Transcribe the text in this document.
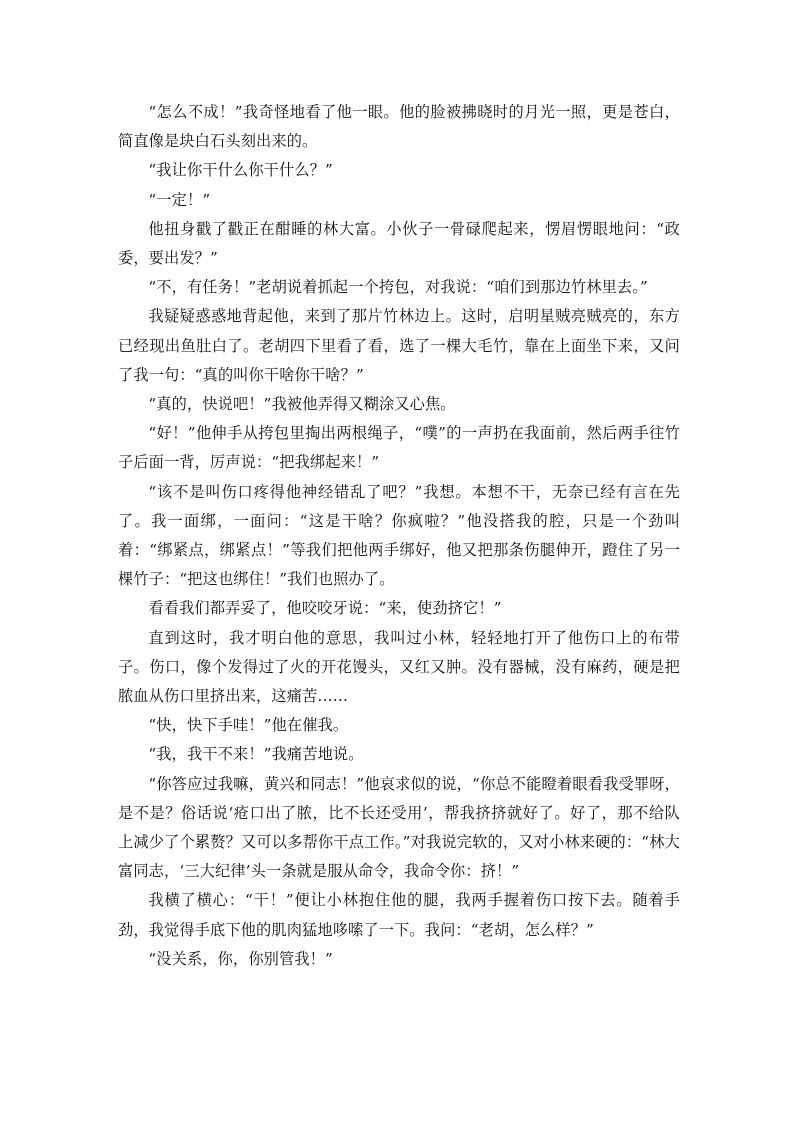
“怎么不成！”我奇怪地看了他一眼。他的脸被拂晓时的月光一照，更是苍白，简直像是块白石头刻出来的。

“我让你干什么你干什么？”

“一定！”

他扭身戳了戳正在酣睡的林大富。小伙子一骨碌爬起来，愣眉愣眼地问：“政委，要出发？”

“不，有任务！”老胡说着抓起一个挎包，对我说：“咱们到那边竹林里去。”

我疑疑惑惑地背起他，来到了那片竹林边上。这时，启明星贼亮贼亮的，东方已经现出鱼肚白了。老胡四下里看了看，选了一棵大毛竹，靠在上面坐下来，又问了我一句：“真的叫你干啥你干啥？”

“真的，快说吧！”我被他弄得又糊涂又心焦。

“好！”他伸手从挎包里掏出两根绳子，“噗”的一声扔在我面前，然后两手往竹子后面一背，厉声说：“把我绑起来！”

“该不是叫伤口疼得他神经错乱了吧？”我想。本想不干，无奈已经有言在先了。我一面绑，一面问：“这是干啥？你疯啦？”他没搭我的腔，只是一个劲叫着：“绑紧点，绑紧点！”等我们把他两手绑好，他又把那条伤腿伸开，蹬住了另一棵竹子：“把这也绑住！”我们也照办了。

看看我们都弄妥了，他咬咬牙说：“来，使劲挤它！”

直到这时，我才明白他的意思，我叫过小林，轻轻地打开了他伤口上的布带子。伤口，像个发得过了火的开花馒头，又红又肿。没有器械，没有麻药，硬是把脓血从伤口里挤出来，这痛苦……

“快，快下手哇！”他在催我。

“我，我干不来！”我痛苦地说。

“你答应过我嘛，黄兴和同志！”他哀求似的说，“你总不能瞪着眼看我受罪呀，是不是？俗话说‘疮口出了脓，比不长还受用’，帮我挤挤就好了。好了，那不给队上减少了个累赘？又可以多帮你干点工作。”对我说完软的，又对小林来硬的：“林大富同志，‘三大纪律’头一条就是服从命令，我命令你：挤！”

我横了横心：“干！”便让小林抱住他的腿，我两手握着伤口按下去。随着手劲，我觉得手底下他的肌肉猛地哆嗦了一下。我问：“老胡，怎么样？”

“没关系，你，你别管我！”
